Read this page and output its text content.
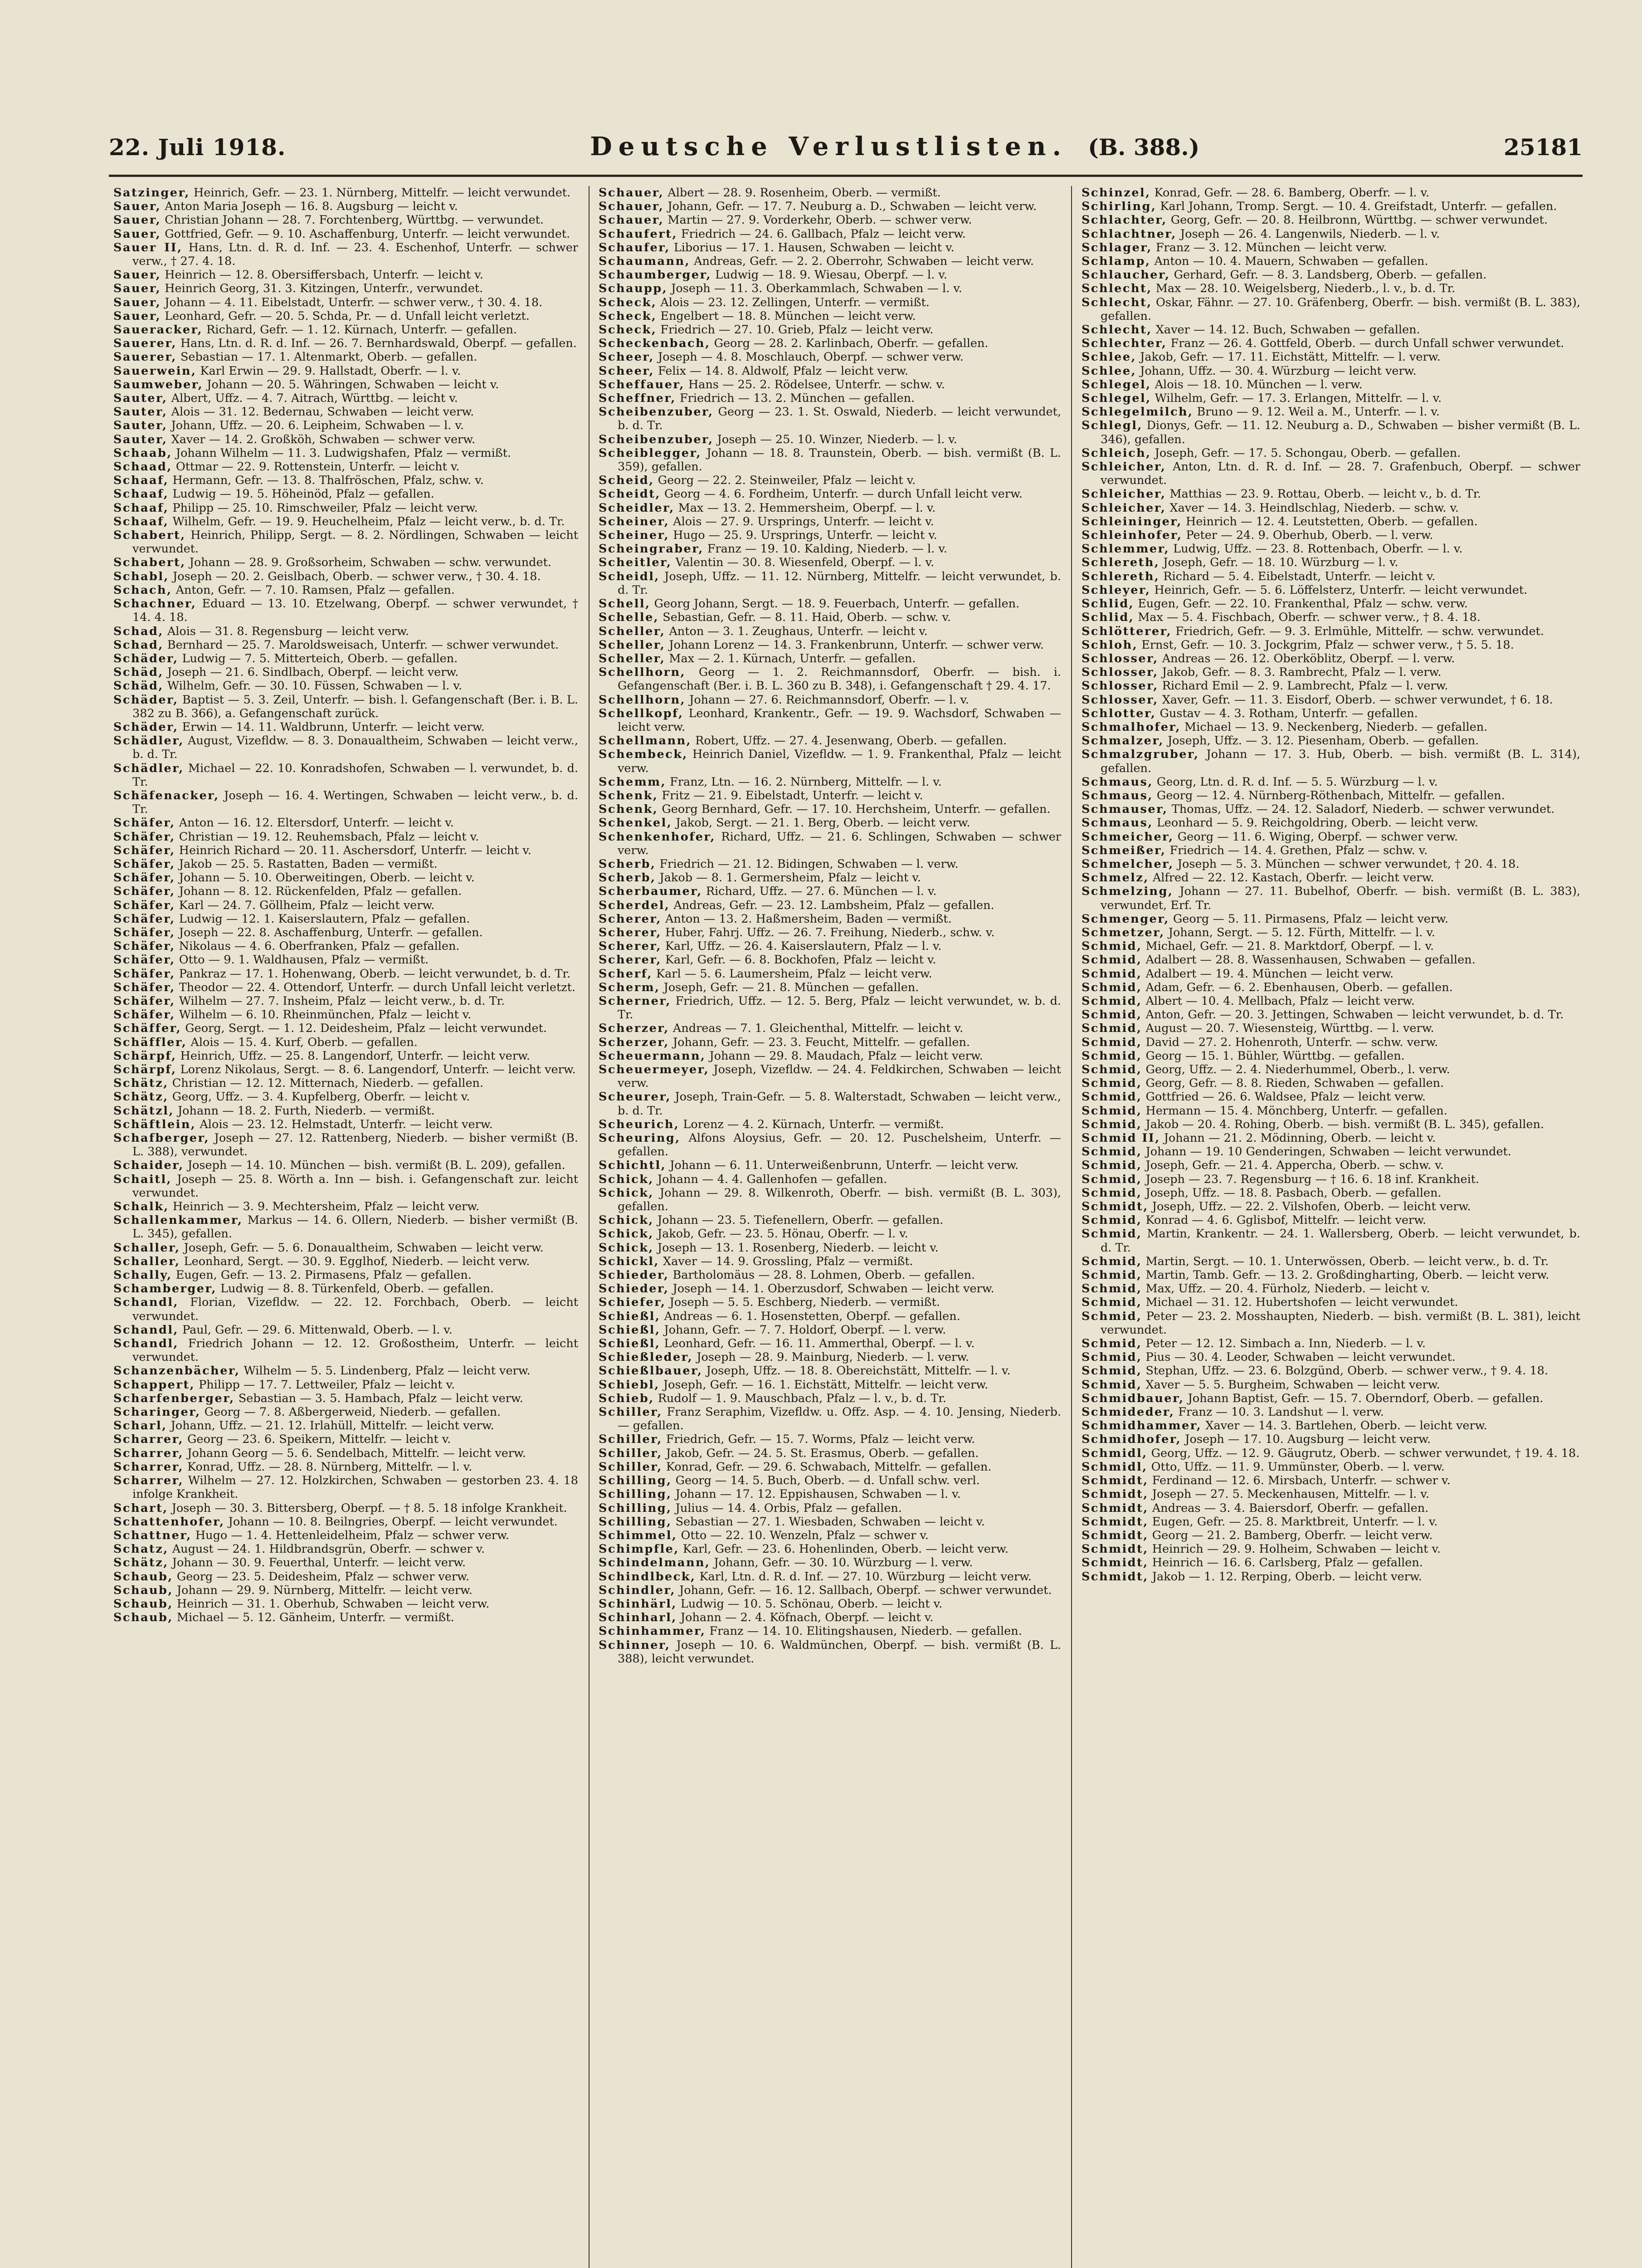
22. Juli 1918.	Deutsche Verlustlisten. (B. 388.)	25181

Satzinger, Heinrich, Gefr. — 23. 1. Nürnberg, Mittelfr. — leicht verwundet.

Sauer, Anton Maria Joseph — 16. 8. Augsburg — leicht v.

Sauer, Christian Johann — 28. 7. Forchtenberg, Württbg. — verwundet.

Sauer, Gottfried, Gefr. — 9. 10. Aschaffenburg, Unterfr. — leicht verwundet.

Sauer II, Hans, Ltn. d. R. d. Inf. — 23. 4. Eschenhof, Unterfr. — schwer verw., † 27. 4. 18.

Sauer, Heinrich — 12. 8. Obersiffersbach, Unterfr. — leicht v.

Sauer, Heinrich Georg, 31. 3. Kitzingen, Unterfr., verwundet.

Sauer, Johann — 4. 11. Eibelstadt, Unterfr. — schwer verw., † 30. 4. 18.

Sauer, Leonhard, Gefr. — 20. 5. Schda, Pr. — d. Unfall leicht verletzt.

Saueracker, Richard, Gefr. — 1. 12. Kürnach, Unterfr. — gefallen.

Sauerer, Hans, Ltn. d. R. d. Inf. — 26. 7. Bernhardswald, Oberpf. — gefallen.

Sauerer, Sebastian — 17. 1. Altenmarkt, Oberb. — gefallen.

Sauerwein, Karl Erwin — 29. 9. Hallstadt, Oberfr. — l. v.

Saumweber, Johann — 20. 5. Währingen, Schwaben — leicht v.

Sauter, Albert, Uffz. — 4. 7. Aitrach, Württbg. — leicht v.

Sauter, Alois — 31. 12. Bedernau, Schwaben — leicht verw.

Sauter, Johann, Uffz. — 20. 6. Leipheim, Schwaben — l. v.

Sauter, Xaver — 14. 2. Großköh, Schwaben — schwer verw.

Schaab, Johann Wilhelm — 11. 3. Ludwigshafen, Pfalz — vermißt.

Schaad, Ottmar — 22. 9. Rottenstein, Unterfr. — leicht v.

Schaaf, Hermann, Gefr. — 13. 8. Thalfröschen, Pfalz, schw. v.

Schaaf, Ludwig — 19. 5. Höheinöd, Pfalz — gefallen.

Schaaf, Philipp — 25. 10. Rimschweiler, Pfalz — leicht verw.

Schaaf, Wilhelm, Gefr. — 19. 9. Heuchelheim, Pfalz — leicht verw., b. d. Tr.

Schabert, Heinrich, Philipp, Sergt. — 8. 2. Nördlingen, Schwaben — leicht verwundet.

Schabert, Johann — 28. 9. Großsorheim, Schwaben — schw. verwundet.

Schabl, Joseph — 20. 2. Geislbach, Oberb. — schwer verw., † 30. 4. 18.

Schach, Anton, Gefr. — 7. 10. Ramsen, Pfalz — gefallen.

Schachner, Eduard — 13. 10. Etzelwang, Oberpf. — schwer verwundet, † 14. 4. 18.

Schad, Alois — 31. 8. Regensburg — leicht verw.

Schad, Bernhard — 25. 7. Maroldsweisach, Unterfr. — schwer verwundet.

Schäder, Ludwig — 7. 5. Mitterteich, Oberb. — gefallen.

Schäd, Joseph — 21. 6. Sindlbach, Oberpf. — leicht verw.

Schäd, Wilhelm, Gefr. — 30. 10. Füssen, Schwaben — l. v.

Schäder, Baptist — 5. 3. Zeil, Unterfr. — bish. l. Gefangenschaft (Ber. i. B. L. 382 zu B. 366), a. Gefangenschaft zurück.

Schäder, Erwin — 14. 11. Waldbrunn, Unterfr. — leicht verw.

Schädler, August, Vizefldw. — 8. 3. Donaualtheim, Schwaben — leicht verw., b. d. Tr.

Schädler, Michael — 22. 10. Konradshofen, Schwaben — l. verwundet, b. d. Tr.

Schäfenacker, Joseph — 16. 4. Wertingen, Schwaben — leicht verw., b. d. Tr.

Schäfer, Anton — 16. 12. Eltersdorf, Unterfr. — leicht v.

Schäfer, Christian — 19. 12. Reuhemsbach, Pfalz — leicht v.

Schäfer, Heinrich Richard — 20. 11. Aschersdorf, Unterfr. — leicht v.

Schäfer, Jakob — 25. 5. Rastatten, Baden — vermißt.

Schäfer, Johann — 5. 10. Oberweitingen, Oberb. — leicht v.

Schäfer, Johann — 8. 12. Rückenfelden, Pfalz — gefallen.

Schäfer, Karl — 24. 7. Göllheim, Pfalz — leicht verw.

Schäfer, Ludwig — 12. 1. Kaiserslautern, Pfalz — gefallen.

Schäfer, Joseph — 22. 8. Aschaffenburg, Unterfr. — gefallen.

Schäfer, Nikolaus — 4. 6. Oberfranken, Pfalz — gefallen.

Schäfer, Otto — 9. 1. Waldhausen, Pfalz — vermißt.

Schäfer, Pankraz — 17. 1. Hohenwang, Oberb. — leicht verwundet, b. d. Tr.

Schäfer, Theodor — 22. 4. Ottendorf, Unterfr. — durch Unfall leicht verletzt.

Schäfer, Wilhelm — 27. 7. Insheim, Pfalz — leicht verw., b. d. Tr.

Schäfer, Wilhelm — 6. 10. Rheinmünchen, Pfalz — leicht v.

Schäffer, Georg, Sergt. — 1. 12. Deidesheim, Pfalz — leicht verwundet.

Schäffler, Alois — 15. 4. Kurf, Oberb. — gefallen.

Schärpf, Heinrich, Uffz. — 25. 8. Langendorf, Unterfr. — leicht verw.

Schärpf, Lorenz Nikolaus, Sergt. — 8. 6. Langendorf, Unterfr. — leicht verw.

Schätz, Christian — 12. 12. Mitternach, Niederb. — gefallen.

Schätz, Georg, Uffz. — 3. 4. Kupfelberg, Oberfr. — leicht v.

Schätzl, Johann — 18. 2. Furth, Niederb. — vermißt.

Schäftlein, Alois — 23. 12. Helmstadt, Unterfr. — leicht verw.

Schafberger, Joseph — 27. 12. Rattenberg, Niederb. — bisher vermißt (B. L. 388), verwundet.

Schaider, Joseph — 14. 10. München — bish. vermißt (B. L. 209), gefallen.

Schaitl, Joseph — 25. 8. Wörth a. Inn — bish. i. Gefangenschaft zur. leicht verwundet.

Schalk, Heinrich — 3. 9. Mechtersheim, Pfalz — leicht verw.

Schallenkammer, Markus — 14. 6. Ollern, Niederb. — bisher vermißt (B. L. 345), gefallen.

Schaller, Joseph, Gefr. — 5. 6. Donaualtheim, Schwaben — leicht verw.

Schaller, Leonhard, Sergt. — 30. 9. Egglhof, Niederb. — leicht verw.

Schally, Eugen, Gefr. — 13. 2. Pirmasens, Pfalz — gefallen.

Schamberger, Ludwig — 8. 8. Türkenfeld, Oberb. — gefallen.

Schandl, Florian, Vizefldw. — 22. 12. Forchbach, Oberb. — leicht verwundet.

Schandl, Paul, Gefr. — 29. 6. Mittenwald, Oberb. — l. v.

Schandl, Friedrich Johann — 12. 12. Großostheim, Unterfr. — leicht verwundet.

Schanzenbächer, Wilhelm — 5. 5. Lindenberg, Pfalz — leicht verw.

Schappert, Philipp — 17. 7. Lettweiler, Pfalz — leicht v.

Scharfenberger, Sebastian — 3. 5. Hambach, Pfalz — leicht verw.

Scharinger, Georg — 7. 8. Aßbergerweid, Niederb. — gefallen.

Scharl, Johann, Uffz. — 21. 12. Irlahüll, Mittelfr. — leicht verw.

Scharrer, Georg — 23. 6. Speikern, Mittelfr. — leicht v.

Scharrer, Johann Georg — 5. 6. Sendelbach, Mittelfr. — leicht verw.

Scharrer, Konrad, Uffz. — 28. 8. Nürnberg, Mittelfr. — l. v.

Scharrer, Wilhelm — 27. 12. Holzkirchen, Schwaben — gestorben 23. 4. 18 infolge Krankheit.

Schart, Joseph — 30. 3. Bittersberg, Oberpf. — † 8. 5. 18 infolge Krankheit.

Schattenhofer, Johann — 10. 8. Beilngries, Oberpf. — leicht verwundet.

Schattner, Hugo — 1. 4. Hettenleidelheim, Pfalz — schwer verw.

Schatz, August — 24. 1. Hildbrandsgrün, Oberfr. — schwer v.

Schätz, Johann — 30. 9. Feuerthal, Unterfr. — leicht verw.

Schaub, Georg — 23. 5. Deidesheim, Pfalz — schwer verw.

Schaub, Johann — 29. 9. Nürnberg, Mittelfr. — leicht verw.

Schaub, Heinrich — 31. 1. Oberhub, Schwaben — leicht verw.

Schaub, Michael — 5. 12. Gänheim, Unterfr. — vermißt.

Schauer, Albert — 28. 9. Rosenheim, Oberb. — vermißt.

Schauer, Johann, Gefr. — 17. 7. Neuburg a. D., Schwaben — leicht verw.

Schauer, Martin — 27. 9. Vorderkehr, Oberb. — schwer verw.

Schaufert, Friedrich — 24. 6. Gallbach, Pfalz — leicht verw.

Schaufer, Liborius — 17. 1. Hausen, Schwaben — leicht v.

Schaumann, Andreas, Gefr. — 2. 2. Oberrohr, Schwaben — leicht verw.

Schaumberger, Ludwig — 18. 9. Wiesau, Oberpf. — l. v.

Schaupp, Joseph — 11. 3. Oberkammlach, Schwaben — l. v.

Scheck, Alois — 23. 12. Zellingen, Unterfr. — vermißt.

Scheck, Engelbert — 18. 8. München — leicht verw.

Scheck, Friedrich — 27. 10. Grieb, Pfalz — leicht verw.

Scheckenbach, Georg — 28. 2. Karlinbach, Oberfr. — gefallen.

Scheer, Joseph — 4. 8. Moschlauch, Oberpf. — schwer verw.

Scheer, Felix — 14. 8. Aldwolf, Pfalz — leicht verw.

Scheffauer, Hans — 25. 2. Rödelsee, Unterfr. — schw. v.

Scheffner, Friedrich — 13. 2. München — gefallen.

Scheibenzuber, Georg — 23. 1. St. Oswald, Niederb. — leicht verwundet, b. d. Tr.

Scheibenzuber, Joseph — 25. 10. Winzer, Niederb. — l. v.

Scheiblegger, Johann — 18. 8. Traunstein, Oberb. — bish. vermißt (B. L. 359), gefallen.

Scheid, Georg — 22. 2. Steinweiler, Pfalz — leicht v.

Scheidt, Georg — 4. 6. Fordheim, Unterfr. — durch Unfall leicht verw.

Scheidler, Max — 13. 2. Hemmersheim, Oberpf. — l. v.

Scheiner, Alois — 27. 9. Ursprings, Unterfr. — leicht v.

Scheiner, Hugo — 25. 9. Ursprings, Unterfr. — leicht v.

Scheingraber, Franz — 19. 10. Kalding, Niederb. — l. v.

Scheitler, Valentin — 30. 8. Wiesenfeld, Oberpf. — l. v.

Scheidl, Joseph, Uffz. — 11. 12. Nürnberg, Mittelfr. — leicht verwundet, b. d. Tr.

Schell, Georg Johann, Sergt. — 18. 9. Feuerbach, Unterfr. — gefallen.

Schelle, Sebastian, Gefr. — 8. 11. Haid, Oberb. — schw. v.

Scheller, Anton — 3. 1. Zeughaus, Unterfr. — leicht v.

Scheller, Johann Lorenz — 14. 3. Frankenbrunn, Unterfr. — schwer verw.

Scheller, Max — 2. 1. Kürnach, Unterfr. — gefallen.

Schellhorn, Georg — 1. 2. Reichmannsdorf, Oberfr. — bish. i. Gefangenschaft (Ber. i. B. L. 360 zu B. 348), i. Gefangenschaft † 29. 4. 17.

Schellhorn, Johann — 27. 6. Reichmannsdorf, Oberfr. — l. v.

Schellkopf, Leonhard, Krankentr., Gefr. — 19. 9. Wachsdorf, Schwaben — leicht verw.

Schellmann, Robert, Uffz. — 27. 4. Jesenwang, Oberb. — gefallen.

Schembeck, Heinrich Daniel, Vizefldw. — 1. 9. Frankenthal, Pfalz — leicht verw.

Schemm, Franz, Ltn. — 16. 2. Nürnberg, Mittelfr. — l. v.

Schenk, Fritz — 21. 9. Eibelstadt, Unterfr. — leicht v.

Schenk, Georg Bernhard, Gefr. — 17. 10. Herchsheim, Unterfr. — gefallen.

Schenkel, Jakob, Sergt. — 21. 1. Berg, Oberb. — leicht verw.

Schenkenhofer, Richard, Uffz. — 21. 6. Schlingen, Schwaben — schwer verw.

Scherb, Friedrich — 21. 12. Bidingen, Schwaben — l. verw.

Scherb, Jakob — 8. 1. Germersheim, Pfalz — leicht v.

Scherbaumer, Richard, Uffz. — 27. 6. München — l. v.

Scherdel, Andreas, Gefr. — 23. 12. Lambsheim, Pfalz — gefallen.

Scherer, Anton — 13. 2. Haßmersheim, Baden — vermißt.

Scherer, Huber, Fahrj. Uffz. — 26. 7. Freihung, Niederb., schw. v.

Scherer, Karl, Uffz. — 26. 4. Kaiserslautern, Pfalz — l. v.

Scherer, Karl, Gefr. — 6. 8. Bockhofen, Pfalz — leicht v.

Scherf, Karl — 5. 6. Laumersheim, Pfalz — leicht verw.

Scherm, Joseph, Gefr. — 21. 8. München — gefallen.

Scherner, Friedrich, Uffz. — 12. 5. Berg, Pfalz — leicht verwundet, w. b. d. Tr.

Scherzer, Andreas — 7. 1. Gleichenthal, Mittelfr. — leicht v.

Scherzer, Johann, Gefr. — 23. 3. Feucht, Mittelfr. — gefallen.

Scheuermann, Johann — 29. 8. Maudach, Pfalz — leicht verw.

Scheuermeyer, Joseph, Vizefldw. — 24. 4. Feldkirchen, Schwaben — leicht verw.

Scheurer, Joseph, Train-Gefr. — 5. 8. Walterstadt, Schwaben — leicht verw., b. d. Tr.

Scheurich, Lorenz — 4. 2. Kürnach, Unterfr. — vermißt.

Scheuring, Alfons Aloysius, Gefr. — 20. 12. Puschelsheim, Unterfr. — gefallen.

Schichtl, Johann — 6. 11. Unterweißenbrunn, Unterfr. — leicht verw.

Schick, Johann — 4. 4. Gallenhofen — gefallen.

Schick, Johann — 29. 8. Wilkenroth, Oberfr. — bish. vermißt (B. L. 303), gefallen.

Schick, Johann — 23. 5. Tiefenellern, Oberfr. — gefallen.

Schick, Jakob, Gefr. — 23. 5. Hönau, Oberfr. — l. v.

Schick, Joseph — 13. 1. Rosenberg, Niederb. — leicht v.

Schickl, Xaver — 14. 9. Grossling, Pfalz — vermißt.

Schieder, Bartholomäus — 28. 8. Lohmen, Oberb. — gefallen.

Schieder, Joseph — 14. 1. Oberzusdorf, Schwaben — leicht verw.

Schiefer, Joseph — 5. 5. Eschberg, Niederb. — vermißt.

Schießl, Andreas — 6. 1. Hosenstetten, Oberpf. — gefallen.

Schießl, Johann, Gefr. — 7. 7. Holdorf, Oberpf. — l. verw.

Schießl, Leonhard, Gefr. — 16. 11. Ammerthal, Oberpf. — l. v.

Schießleder, Joseph — 28. 9. Mainburg, Niederb. — l. verw.

Schießlbauer, Joseph, Uffz. — 18. 8. Obereichstätt, Mittelfr. — l. v.

Schiebl, Joseph, Gefr. — 16. 1. Eichstätt, Mittelfr. — leicht verw.

Schieb, Rudolf — 1. 9. Mauschbach, Pfalz — l. v., b. d. Tr.

Schiller, Franz Seraphim, Vizefldw. u. Offz. Asp. — 4. 10. Jensing, Niederb. — gefallen.

Schiller, Friedrich, Gefr. — 15. 7. Worms, Pfalz — leicht verw.

Schiller, Jakob, Gefr. — 24. 5. St. Erasmus, Oberb. — gefallen.

Schiller, Konrad, Gefr. — 29. 6. Schwabach, Mittelfr. — gefallen.

Schilling, Georg — 14. 5. Buch, Oberb. — d. Unfall schw. verl.

Schilling, Johann — 17. 12. Eppishausen, Schwaben — l. v.

Schilling, Julius — 14. 4. Orbis, Pfalz — gefallen.

Schilling, Sebastian — 27. 1. Wiesbaden, Schwaben — leicht v.

Schimmel, Otto — 22. 10. Wenzeln, Pfalz — schwer v.

Schimpfle, Karl, Gefr. — 23. 6. Hohenlinden, Oberb. — leicht verw.

Schindelmann, Johann, Gefr. — 30. 10. Würzburg — l. verw.

Schindlbeck, Karl, Ltn. d. R. d. Inf. — 27. 10. Würzburg — leicht verw.

Schindler, Johann, Gefr. — 16. 12. Sallbach, Oberpf. — schwer verwundet.

Schinhärl, Ludwig — 10. 5. Schönau, Oberb. — leicht v.

Schinharl, Johann — 2. 4. Köfnach, Oberpf. — leicht v.

Schinhammer, Franz — 14. 10. Elitingshausen, Niederb. — gefallen.

Schinner, Joseph — 10. 6. Waldmünchen, Oberpf. — bish. vermißt (B. L. 388), leicht verwundet.

Schinzel, Konrad, Gefr. — 28. 6. Bamberg, Oberfr. — l. v.

Schirling, Karl Johann, Tromp. Sergt. — 10. 4. Greifstadt, Unterfr. — gefallen.

Schlachter, Georg, Gefr. — 20. 8. Heilbronn, Württbg. — schwer verwundet.

Schlachtner, Joseph — 26. 4. Langenwils, Niederb. — l. v.

Schlager, Franz — 3. 12. München — leicht verw.

Schlamp, Anton — 10. 4. Mauern, Schwaben — gefallen.

Schlaucher, Gerhard, Gefr. — 8. 3. Landsberg, Oberb. — gefallen.

Schlecht, Max — 28. 10. Weigelsberg, Niederb., l. v., b. d. Tr.

Schlecht, Oskar, Fähnr. — 27. 10. Gräfenberg, Oberfr. — bish. vermißt (B. L. 383), gefallen.

Schlecht, Xaver — 14. 12. Buch, Schwaben — gefallen.

Schlechter, Franz — 26. 4. Gottfeld, Oberb. — durch Unfall schwer verwundet.

Schlee, Jakob, Gefr. — 17. 11. Eichstätt, Mittelfr. — l. verw.

Schlee, Johann, Uffz. — 30. 4. Würzburg — leicht verw.

Schlegel, Alois — 18. 10. München — l. verw.

Schlegel, Wilhelm, Gefr. — 17. 3. Erlangen, Mittelfr. — l. v.

Schlegelmilch, Bruno — 9. 12. Weil a. M., Unterfr. — l. v.

Schlegl, Dionys, Gefr. — 11. 12. Neuburg a. D., Schwaben — bisher vermißt (B. L. 346), gefallen.

Schleich, Joseph, Gefr. — 17. 5. Schongau, Oberb. — gefallen.

Schleicher, Anton, Ltn. d. R. d. Inf. — 28. 7. Grafenbuch, Oberpf. — schwer verwundet.

Schleicher, Matthias — 23. 9. Rottau, Oberb. — leicht v., b. d. Tr.

Schleicher, Xaver — 14. 3. Heindlschlag, Niederb. — schw. v.

Schleininger, Heinrich — 12. 4. Leutstetten, Oberb. — gefallen.

Schleinhofer, Peter — 24. 9. Oberhub, Oberb. — l. verw.

Schlemmer, Ludwig, Uffz. — 23. 8. Rottenbach, Oberfr. — l. v.

Schlereth, Joseph, Gefr. — 18. 10. Würzburg — l. v.

Schlereth, Richard — 5. 4. Eibelstadt, Unterfr. — leicht v.

Schleyer, Heinrich, Gefr. — 5. 6. Löffelsterz, Unterfr. — leicht verwundet.

Schlid, Eugen, Gefr. — 22. 10. Frankenthal, Pfalz — schw. verw.

Schlid, Max — 5. 4. Fischbach, Oberfr. — schwer verw., † 8. 4. 18.

Schlötterer, Friedrich, Gefr. — 9. 3. Erlmühle, Mittelfr. — schw. verwundet.

Schloh, Ernst, Gefr. — 10. 3. Jockgrim, Pfalz — schwer verw., † 5. 5. 18.

Schlosser, Andreas — 26. 12. Oberköblitz, Oberpf. — l. verw.

Schlosser, Jakob, Gefr. — 8. 3. Rambrecht, Pfalz — l. verw.

Schlosser, Richard Emil — 2. 9. Lambrecht, Pfalz — l. verw.

Schlosser, Xaver, Gefr. — 11. 3. Eisdorf, Oberb. — schwer verwundet, † 6. 18.

Schlotter, Gustav — 4. 3. Rotham, Unterfr. — gefallen.

Schmalhofer, Michael — 13. 9. Neckenberg, Niederb. — gefallen.

Schmalzer, Joseph, Uffz. — 3. 12. Piesenham, Oberb. — gefallen.

Schmalzgruber, Johann — 17. 3. Hub, Oberb. — bish. vermißt (B. L. 314), gefallen.

Schmaus, Georg, Ltn. d. R. d. Inf. — 5. 5. Würzburg — l. v.

Schmaus, Georg — 12. 4. Nürnberg-Röthenbach, Mittelfr. — gefallen.

Schmauser, Thomas, Uffz. — 24. 12. Saladorf, Niederb. — schwer verwundet.

Schmaus, Leonhard — 5. 9. Reichgoldring, Oberb. — leicht verw.

Schmeicher, Georg — 11. 6. Wiging, Oberpf. — schwer verw.

Schmeißer, Friedrich — 14. 4. Grethen, Pfalz — schw. v.

Schmelcher, Joseph — 5. 3. München — schwer verwundet, † 20. 4. 18.

Schmelz, Alfred — 22. 12. Kastach, Oberfr. — leicht verw.

Schmelzing, Johann — 27. 11. Bubelhof, Oberfr. — bish. vermißt (B. L. 383), verwundet, Erf. Tr.

Schmenger, Georg — 5. 11. Pirmasens, Pfalz — leicht verw.

Schmetzer, Johann, Sergt. — 5. 12. Fürth, Mittelfr. — l. v.

Schmid, Michael, Gefr. — 21. 8. Marktdorf, Oberpf. — l. v.

Schmid, Adalbert — 28. 8. Wassenhausen, Schwaben — gefallen.

Schmid, Adalbert — 19. 4. München — leicht verw.

Schmid, Adam, Gefr. — 6. 2. Ebenhausen, Oberb. — gefallen.

Schmid, Albert — 10. 4. Mellbach, Pfalz — leicht verw.

Schmid, Anton, Gefr. — 20. 3. Jettingen, Schwaben — leicht verwundet, b. d. Tr.

Schmid, August — 20. 7. Wiesensteig, Württbg. — l. verw.

Schmid, David — 27. 2. Hohenroth, Unterfr. — schw. verw.

Schmid, Georg — 15. 1. Bühler, Württbg. — gefallen.

Schmid, Georg, Uffz. — 2. 4. Niederhummel, Oberb., l. verw.

Schmid, Georg, Gefr. — 8. 8. Rieden, Schwaben — gefallen.

Schmid, Gottfried — 26. 6. Waldsee, Pfalz — leicht verw.

Schmid, Hermann — 15. 4. Mönchberg, Unterfr. — gefallen.

Schmid, Jakob — 20. 4. Rohing, Oberb. — bish. vermißt (B. L. 345), gefallen.

Schmid II, Johann — 21. 2. Mödinning, Oberb. — leicht v.

Schmid, Johann — 19. 10 Genderingen, Schwaben — leicht verwundet.

Schmid, Joseph, Gefr. — 21. 4. Appercha, Oberb. — schw. v.

Schmid, Joseph — 23. 7. Regensburg — † 16. 6. 18 inf. Krankheit.

Schmid, Joseph, Uffz. — 18. 8. Pasbach, Oberb. — gefallen.

Schmidt, Joseph, Uffz. — 22. 2. Vilshofen, Oberb. — leicht verw.

Schmid, Konrad — 4. 6. Gglisbof, Mittelfr. — leicht verw.

Schmid, Martin, Krankentr. — 24. 1. Wallersberg, Oberb. — leicht verwundet, b. d. Tr.

Schmid, Martin, Sergt. — 10. 1. Unterwössen, Oberb. — leicht verw., b. d. Tr.

Schmid, Martin, Tamb. Gefr. — 13. 2. Großdingharting, Oberb. — leicht verw.

Schmid, Max, Uffz. — 20. 4. Fürholz, Niederb. — leicht v.

Schmid, Michael — 31. 12. Hubertshofen — leicht verwundet.

Schmid, Peter — 23. 2. Mosshaupten, Niederb. — bish. vermißt (B. L. 381), leicht verwundet.

Schmid, Peter — 12. 12. Simbach a. Inn, Niederb. — l. v.

Schmid, Pius — 30. 4. Leoder, Schwaben — leicht verwundet.

Schmid, Stephan, Uffz. — 23. 6. Bolzgünd, Oberb. — schwer verw., † 9. 4. 18.

Schmid, Xaver — 5. 5. Burgheim, Schwaben — leicht verw.

Schmidbauer, Johann Baptist, Gefr. — 15. 7. Oberndorf, Oberb. — gefallen.

Schmideder, Franz — 10. 3. Landshut — l. verw.

Schmidhammer, Xaver — 14. 3. Bartlehen, Oberb. — leicht verw.

Schmidhofer, Joseph — 17. 10. Augsburg — leicht verw.

Schmidl, Georg, Uffz. — 12. 9. Gäugrutz, Oberb. — schwer verwundet, † 19. 4. 18.

Schmidl, Otto, Uffz. — 11. 9. Ummünster, Oberb. — l. verw.

Schmidt, Ferdinand — 12. 6. Mirsbach, Unterfr. — schwer v.

Schmidt, Joseph — 27. 5. Meckenhausen, Mittelfr. — l. v.

Schmidt, Andreas — 3. 4. Baiersdorf, Oberfr. — gefallen.

Schmidt, Eugen, Gefr. — 25. 8. Marktbreit, Unterfr. — l. v.

Schmidt, Georg — 21. 2. Bamberg, Oberfr. — leicht verw.

Schmidt, Heinrich — 29. 9. Holheim, Schwaben — leicht v.

Schmidt, Heinrich — 16. 6. Carlsberg, Pfalz — gefallen.

Schmidt, Jakob — 1. 12. Rerping, Oberb. — leicht verw.
